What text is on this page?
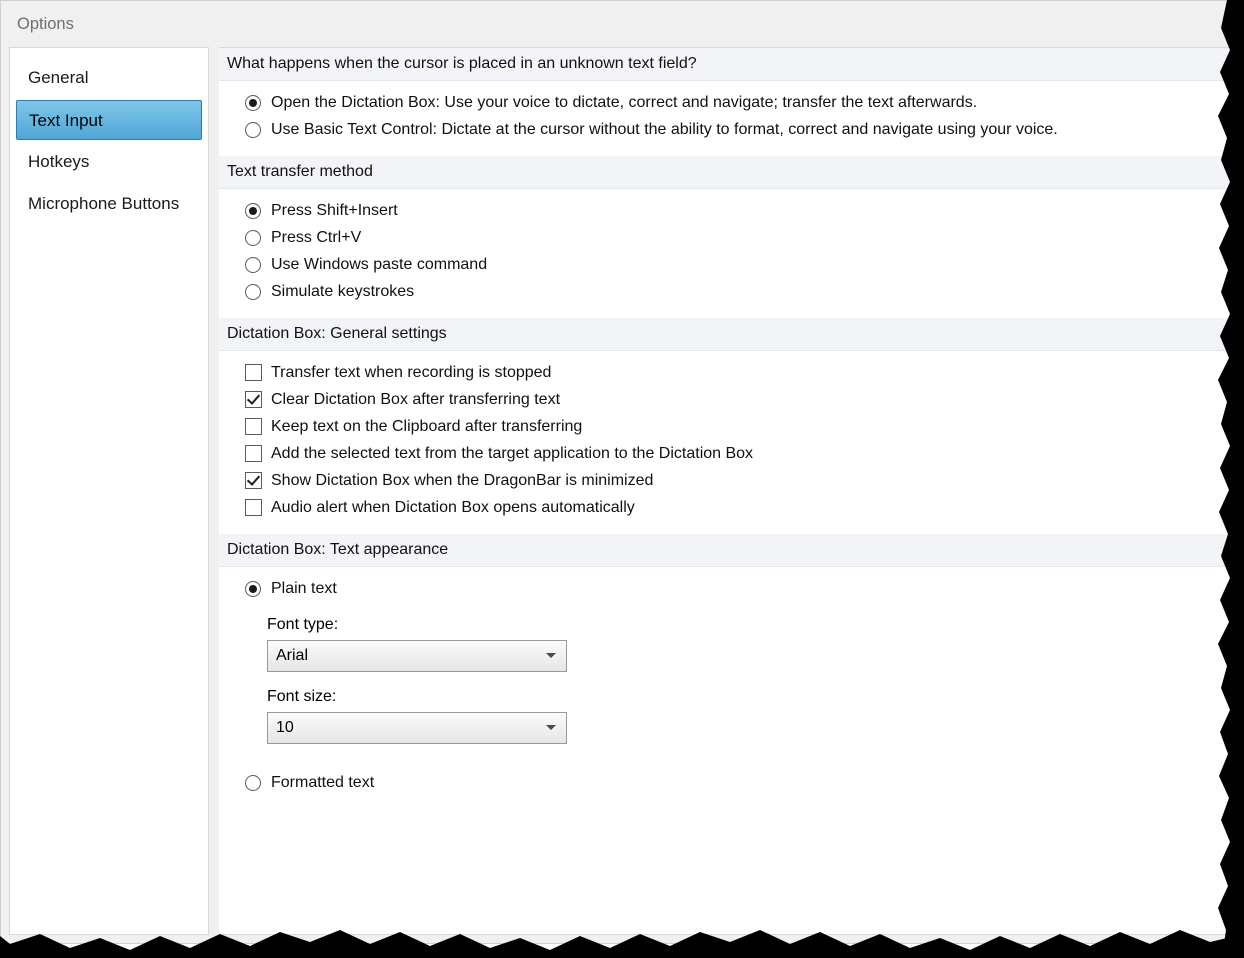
Options
General
Text Input
Hotkeys
Microphone Buttons
What happens when the cursor is placed in an unknown text field?
Open the Dictation Box: Use your voice to dictate, correct and navigate; transfer the text afterwards.
Use Basic Text Control: Dictate at the cursor without the ability to format, correct and navigate using your voice.
Text transfer method
Press Shift+Insert
Press Ctrl+V
Use Windows paste command
Simulate keystrokes
Dictation Box: General settings
Transfer text when recording is stopped
Clear Dictation Box after transferring text
Keep text on the Clipboard after transferring
Add the selected text from the target application to the Dictation Box
Show Dictation Box when the DragonBar is minimized
Audio alert when Dictation Box opens automatically
Dictation Box: Text appearance
Plain text
Font type:
Arial
Font size:
10
Formatted text
